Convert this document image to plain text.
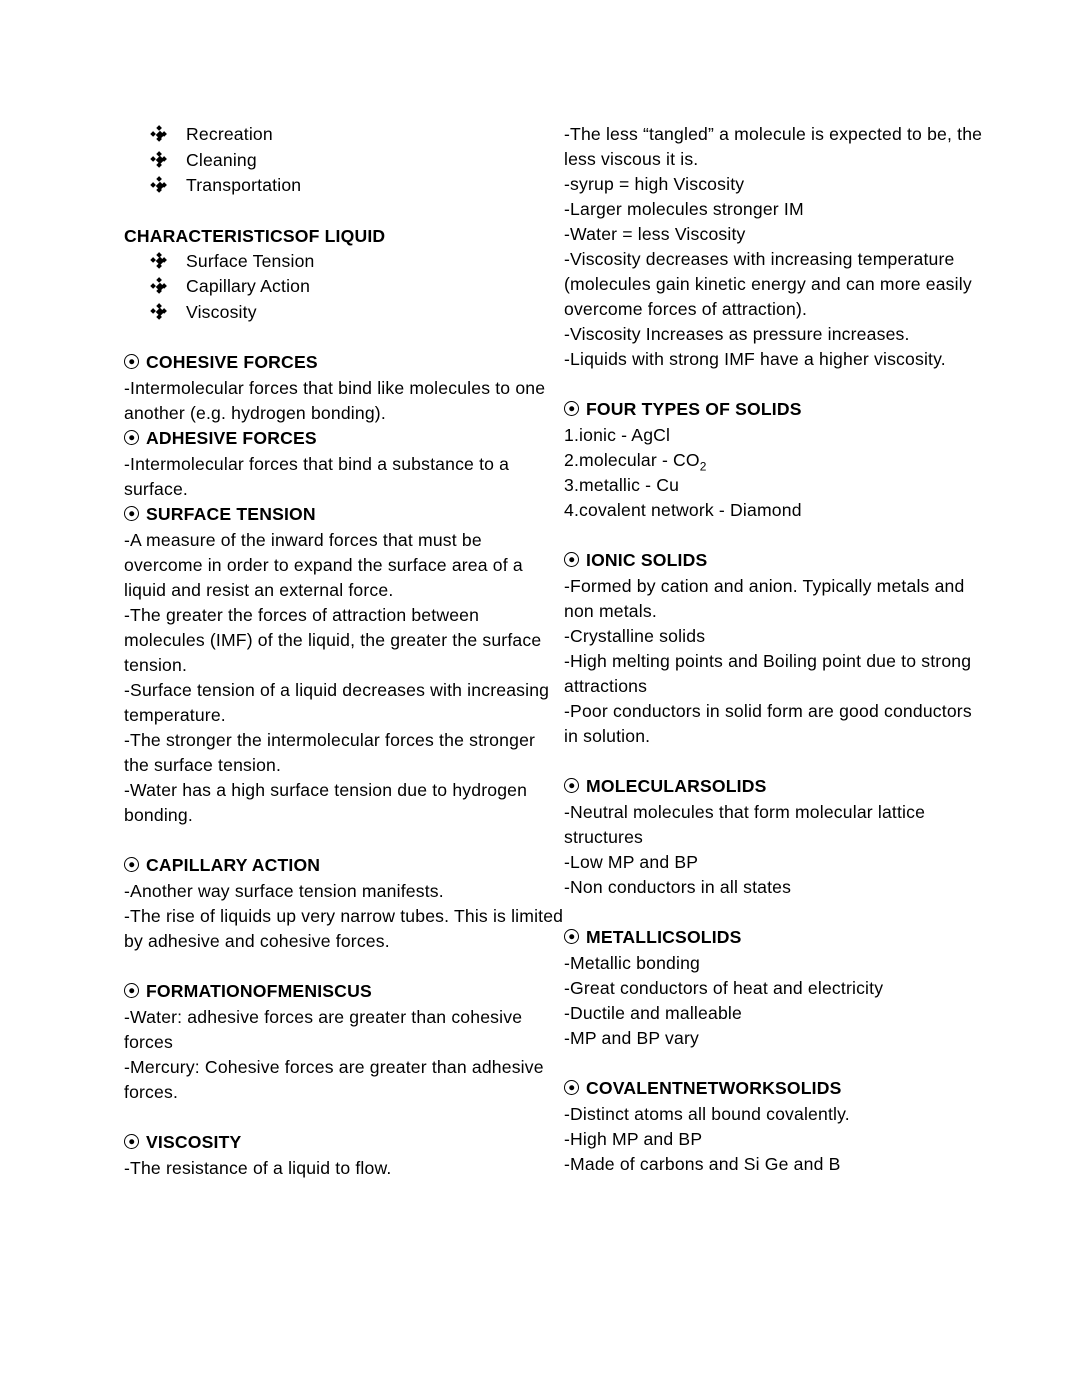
Recreation
Cleaning
Transportation
CHARACTERISTICSOF LIQUID
Surface Tension
Capillary Action
Viscosity
COHESIVE FORCES
-Intermolecular forces that bind like molecules to one another (e.g. hydrogen bonding).
ADHESIVE FORCES
-Intermolecular forces that bind a substance to a surface.
SURFACE TENSION
-A measure of the inward forces that must be overcome in order to expand the surface area of a liquid and resist an external force.
-The greater the forces of attraction between molecules (IMF) of the liquid, the greater the surface tension.
-Surface tension of a liquid decreases with increasing temperature.
-The stronger the intermolecular forces the stronger the surface tension.
-Water has a high surface tension due to hydrogen bonding.
CAPILLARY ACTION
-Another way surface tension manifests.
-The rise of liquids up very narrow tubes. This is limited by adhesive and cohesive forces.
FORMATIONOFMENISCUS
-Water: adhesive forces are greater than cohesive forces
-Mercury: Cohesive forces are greater than adhesive forces.
VISCOSITY
-The resistance of a liquid to flow.
-The less “tangled” a molecule is expected to be, the less viscous it is.
-syrup = high Viscosity
-Larger molecules stronger IM
-Water = less Viscosity
-Viscosity decreases with increasing temperature (molecules gain kinetic energy and can more easily overcome forces of attraction).
-Viscosity Increases as pressure increases.
-Liquids with strong IMF have a higher viscosity.
FOUR TYPES OF SOLIDS
1.ionic - AgCl
2.molecular - $CO_2$
3.metallic - Cu
4.covalent network - Diamond
IONIC SOLIDS
-Formed by cation and anion. Typically metals and non metals.
-Crystalline solids
-High melting points and Boiling point due to strong attractions
-Poor conductors in solid form are good conductors in solution.
MOLECULARSOLIDS
-Neutral molecules that form molecular lattice structures
-Low MP and BP
-Non conductors in all states
METALLICSOLIDS
-Metallic bonding
-Great conductors of heat and electricity
-Ductile and malleable
-MP and BP vary
COVALENTNETWORKSOLIDS
-Distinct atoms all bound covalently.
-High MP and BP
-Made of carbons and Si Ge and B
